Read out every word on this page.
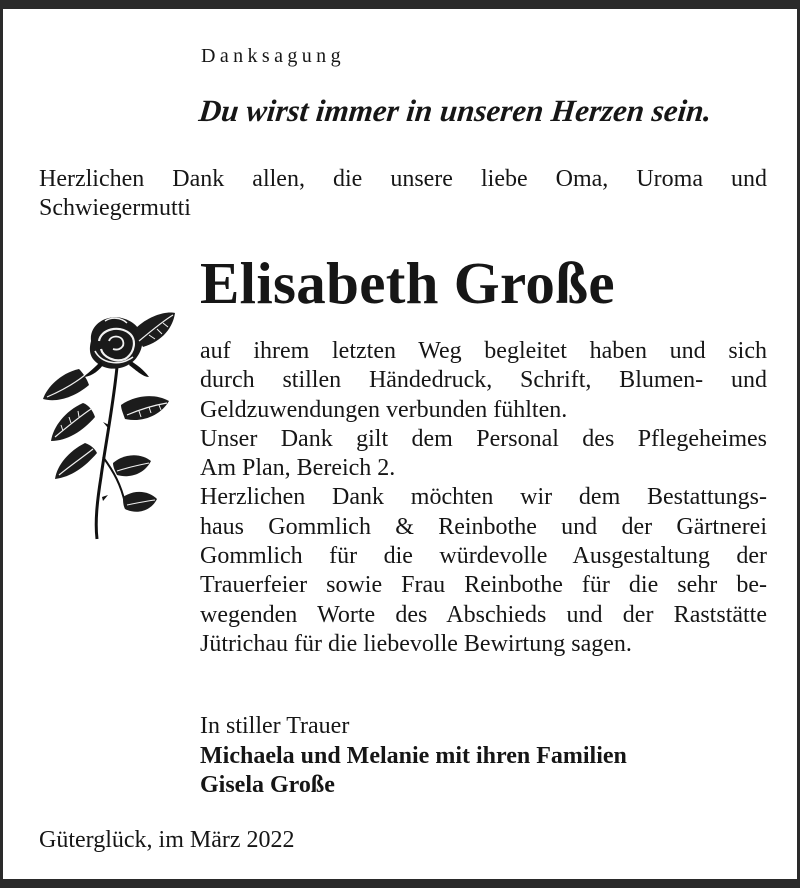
Danksagung
Du wirst immer in unseren Herzen sein.
Herzlichen Dank allen, die unsere liebe Oma, Uroma und
Schwiegermutti
Elisabeth Große
auf ihrem letzten Weg begleitet haben und sich
durch stillen Händedruck, Schrift, Blumen- und
Geldzuwendungen verbunden fühlten.
Unser Dank gilt dem Personal des Pflegeheimes
Am Plan, Bereich 2.
Herzlichen Dank möchten wir dem Bestattungs-
haus Gommlich & Reinbothe und der Gärtnerei
Gommlich für die würdevolle Ausgestaltung der
Trauerfeier sowie Frau Reinbothe für die sehr be-
wegenden Worte des Abschieds und der Raststätte
Jütrichau für die liebevolle Bewirtung sagen.
In stiller Trauer
Michaela und Melanie mit ihren Familien
Gisela Große
Güterglück, im März 2022
